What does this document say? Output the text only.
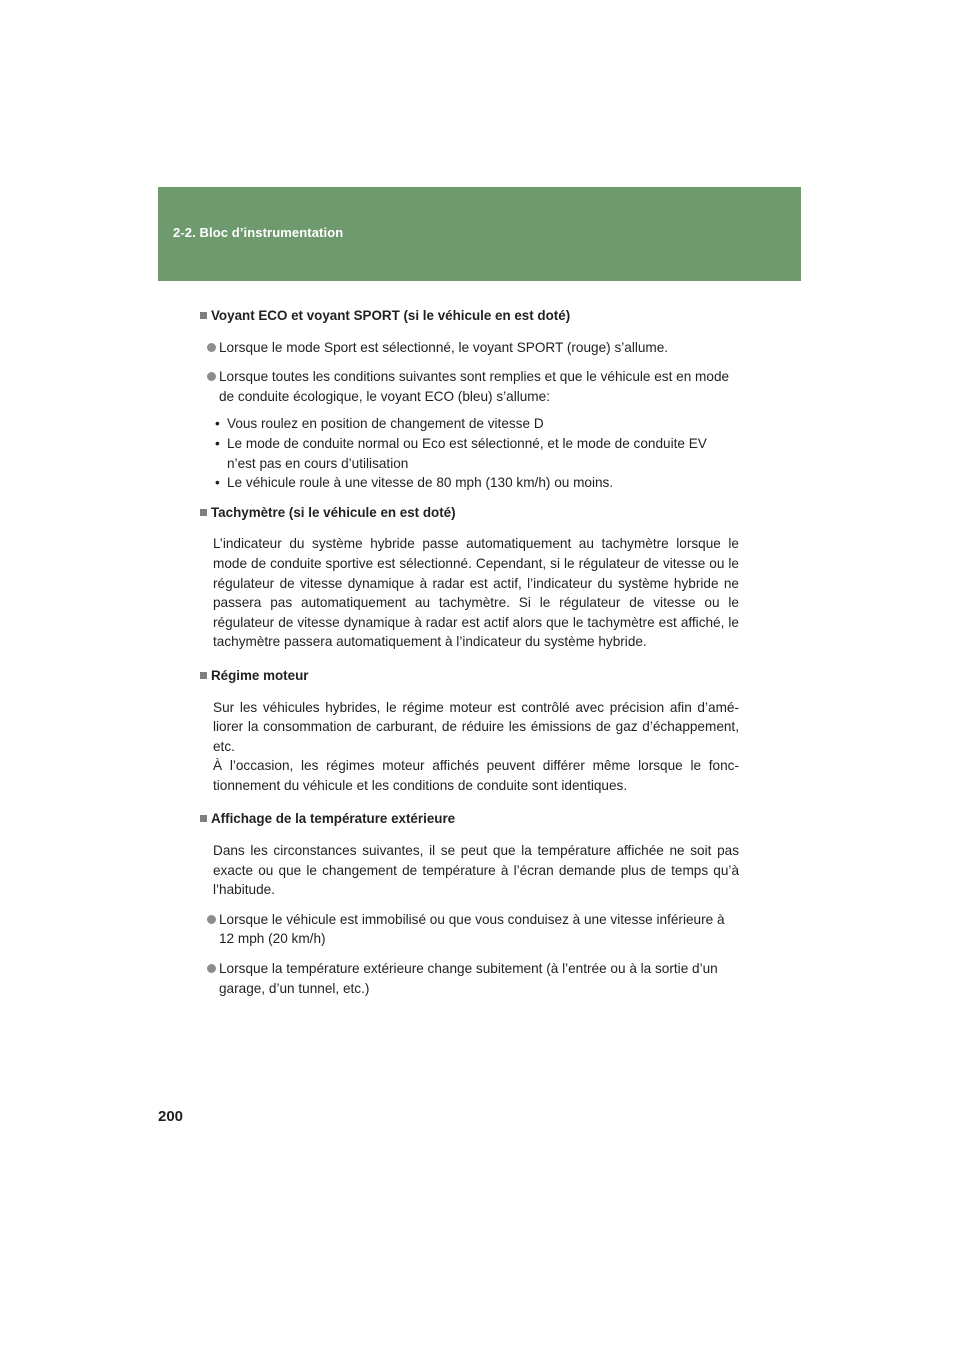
2-2. Bloc d’instrumentation
Voyant ECO et voyant SPORT (si le véhicule en est doté)
Lorsque le mode Sport est sélectionné, le voyant SPORT (rouge) s’allume.
Lorsque toutes les conditions suivantes sont remplies et que le véhicule est en mode de conduite écologique, le voyant ECO (bleu) s’allume:
• Vous roulez en position de changement de vitesse D
• Le mode de conduite normal ou Eco est sélectionné, et le mode de conduite EV n’est pas en cours d’utilisation
• Le véhicule roule à une vitesse de 80 mph (130 km/h) ou moins.
Tachymètre (si le véhicule en est doté)

L’indicateur du système hybride passe automatiquement au tachymètre lorsque le mode de conduite sportive est sélectionné. Cependant, si le régulateur de vitesse ou le régulateur de vitesse dynamique à radar est actif, l’indicateur du système hybride ne passera pas automatiquement au tachymètre. Si le régulateur de vitesse ou le régulateur de vitesse dynamique à radar est actif alors que le tachymètre est affiché, le tachymètre passera automatiquement à l’indicateur du système hybride.

Régime moteur

Sur les véhicules hybrides, le régime moteur est contrôlé avec précision afin d’améliorer la consommation de carburant, de réduire les émissions de gaz d’échappement, etc.

À l’occasion, les régimes moteur affichés peuvent différer même lorsque le fonctionnement du véhicule et les conditions de conduite sont identiques.

Affichage de la température extérieure

Dans les circonstances suivantes, il se peut que la température affichée ne soit pas exacte ou que le changement de température à l’écran demande plus de temps qu’à l’habitude.

Lorsque le véhicule est immobilisé ou que vous conduisez à une vitesse inférieure à 12 mph (20 km/h)
Lorsque la température extérieure change subitement (à l’entrée ou à la sortie d’un garage, d’un tunnel, etc.)
200
